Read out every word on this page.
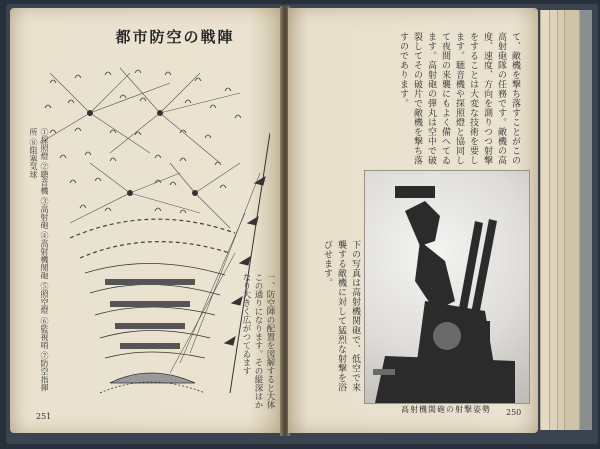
都市防空の戦陣
①探照燈 ②聴音機 ③高射砲 ④高射機関砲 ⑤照空燈 ⑥監視哨 ⑦防空指揮所 ⑧阻塞気球
一、防空陣の配置を図解すると大体この通りになります。その縦深はかなり大きく広がつてゐます
251
て、敵機を撃ち落すことがこの高射砲隊の任務です。敵機の高度、速度、方向を測りつつ射撃をすることは大変な技術を要します。聴音機や探照燈と協同して夜間の来襲にもよく備へてゐます。高射砲の弾丸は空中で破裂してその破片で敵機を撃ち落すのであります。
高射機関砲の射撃姿勢
下の写真は高射機関砲で、低空で来襲する敵機に対して猛烈な射撃を浴びせます。
250
